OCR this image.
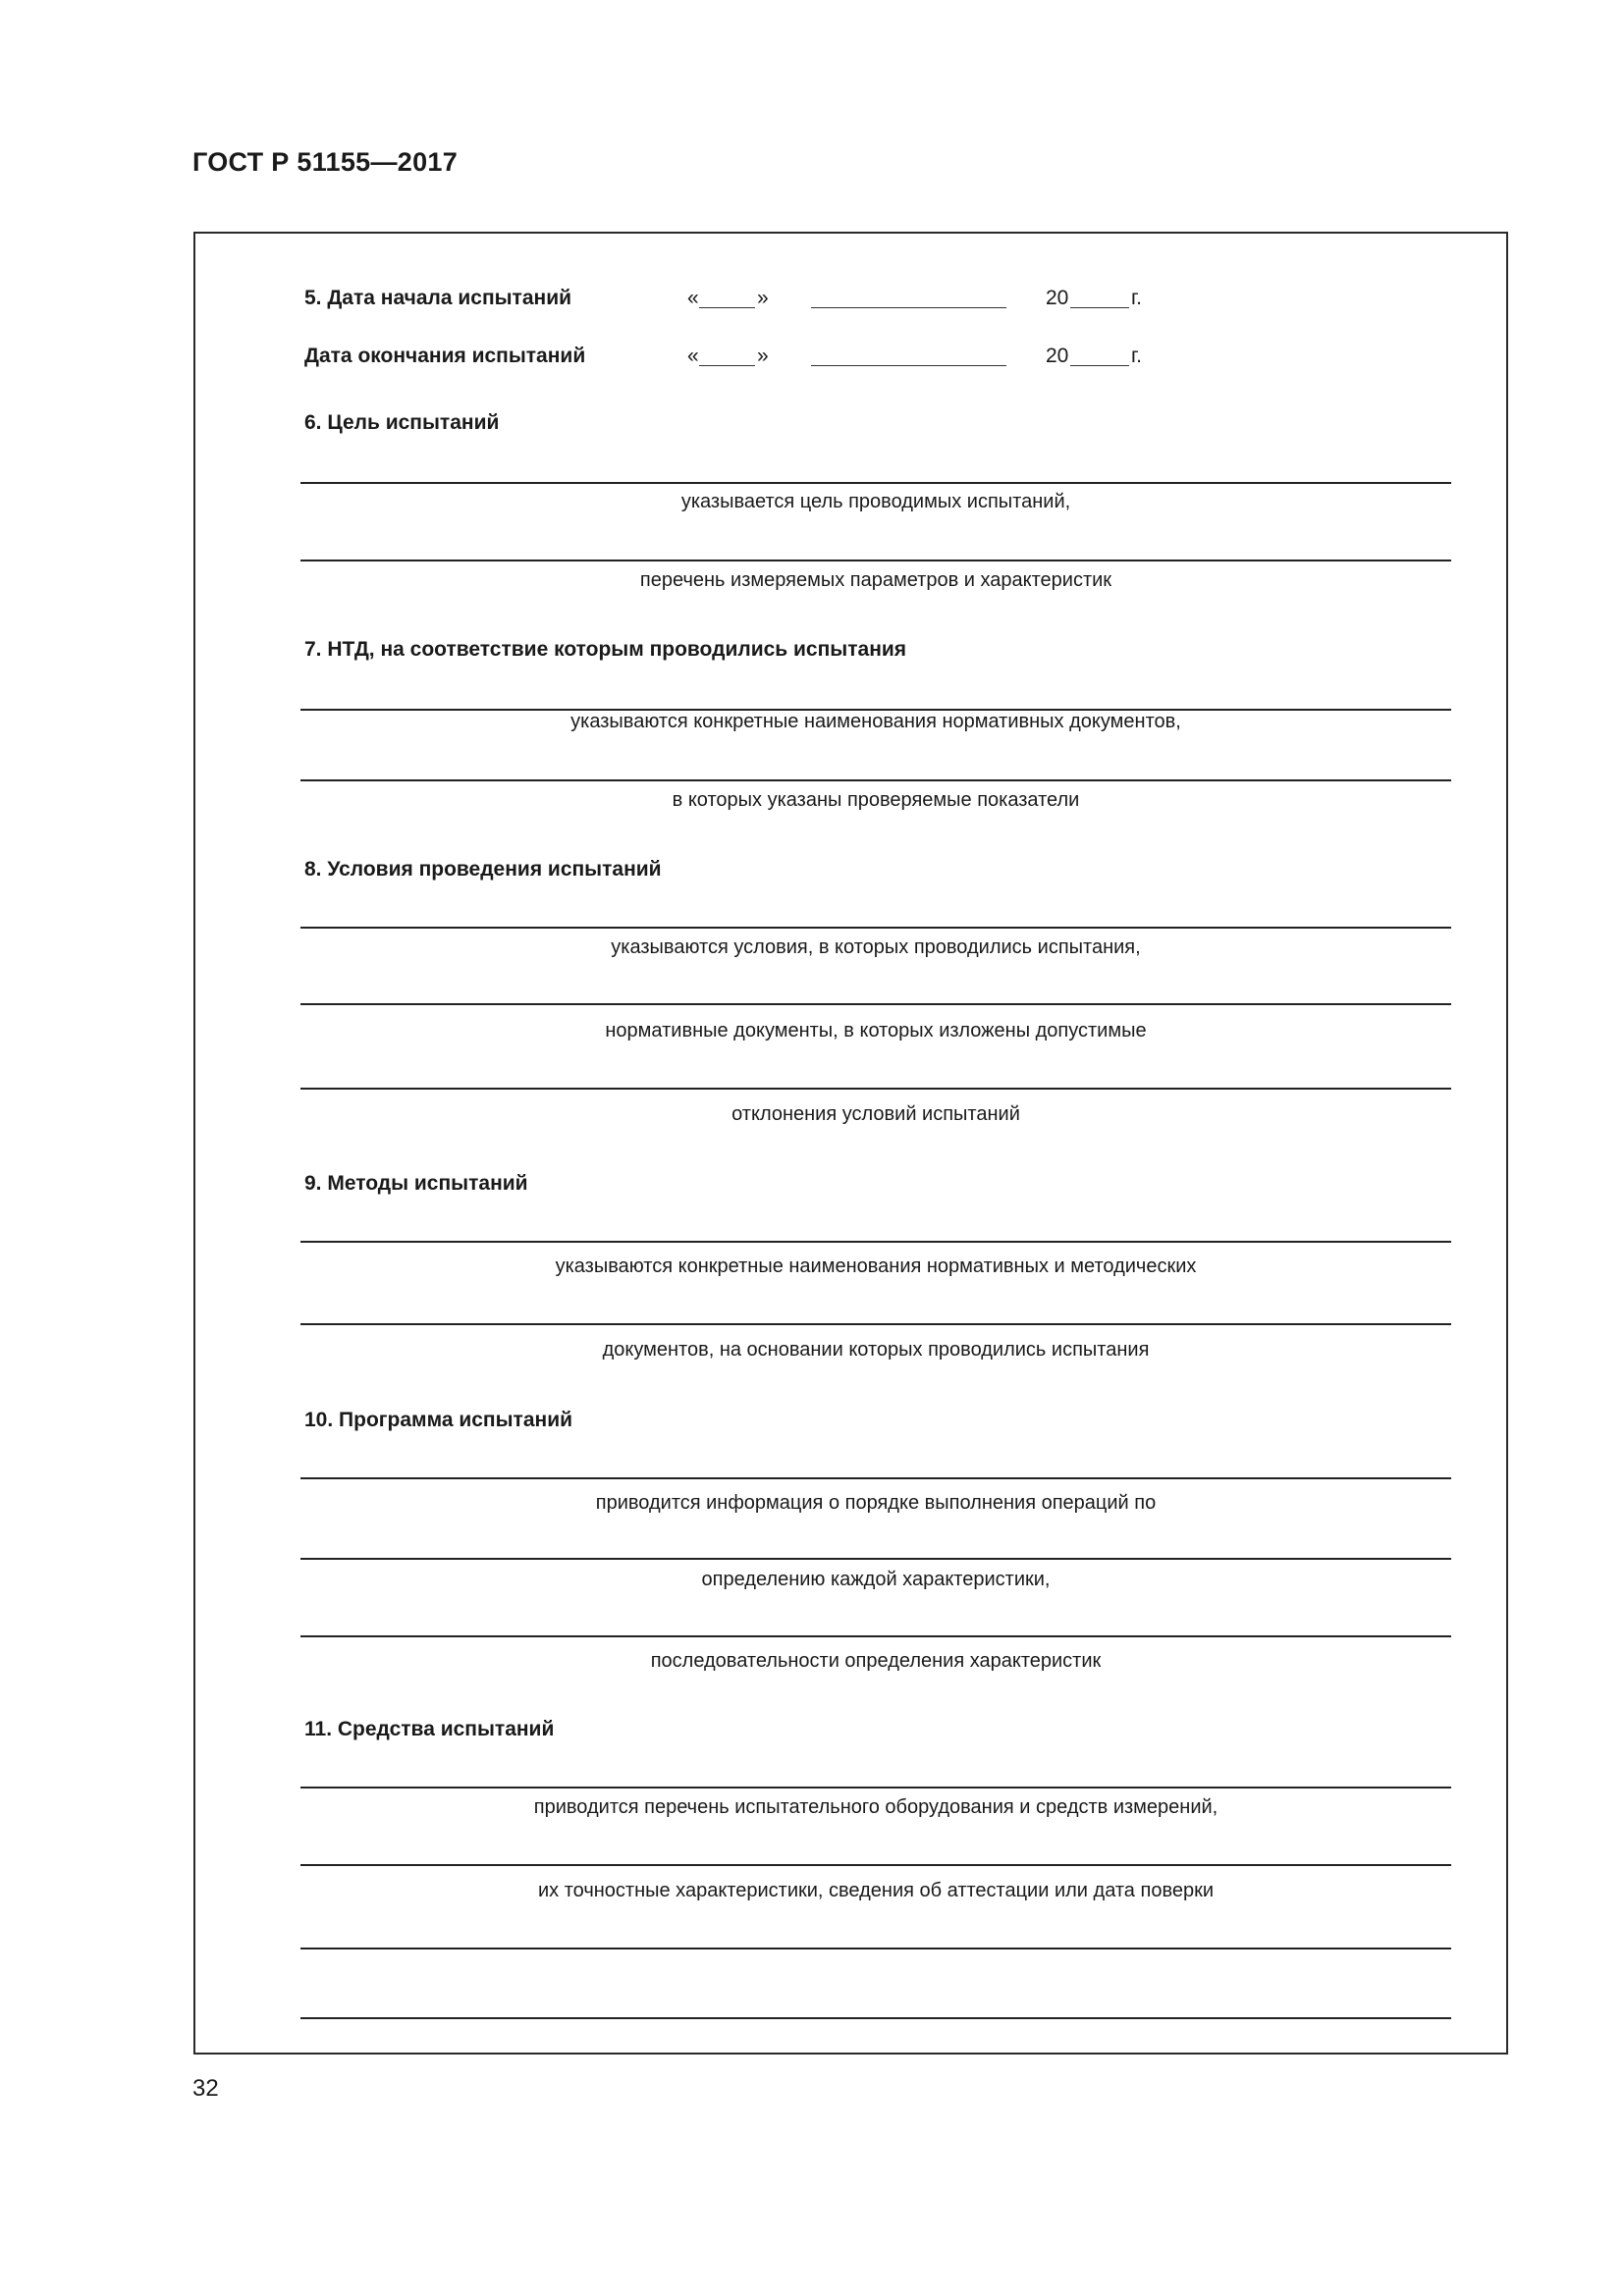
ГОСТ Р 51155—2017
5. Дата начала испытаний	«	»	20	г.
Дата окончания испытаний	«	»	20	г.
6. Цель испытаний
указывается цель проводимых испытаний,
перечень измеряемых параметров и характеристик
7. НТД, на соответствие которым проводились испытания
указываются конкретные наименования нормативных документов,
в которых указаны проверяемые показатели
8. Условия проведения испытаний
указываются условия, в которых проводились испытания,
нормативные документы, в которых изложены допустимые
отклонения условий испытаний
9. Методы испытаний
указываются конкретные наименования нормативных и методических
документов, на основании которых проводились испытания
10. Программа испытаний
приводится информация о порядке выполнения операций по
определению каждой характеристики,
последовательности определения характеристик
11. Средства испытаний
приводится перечень испытательного оборудования и средств измерений,
их точностные характеристики, сведения об аттестации или дата поверки
32
